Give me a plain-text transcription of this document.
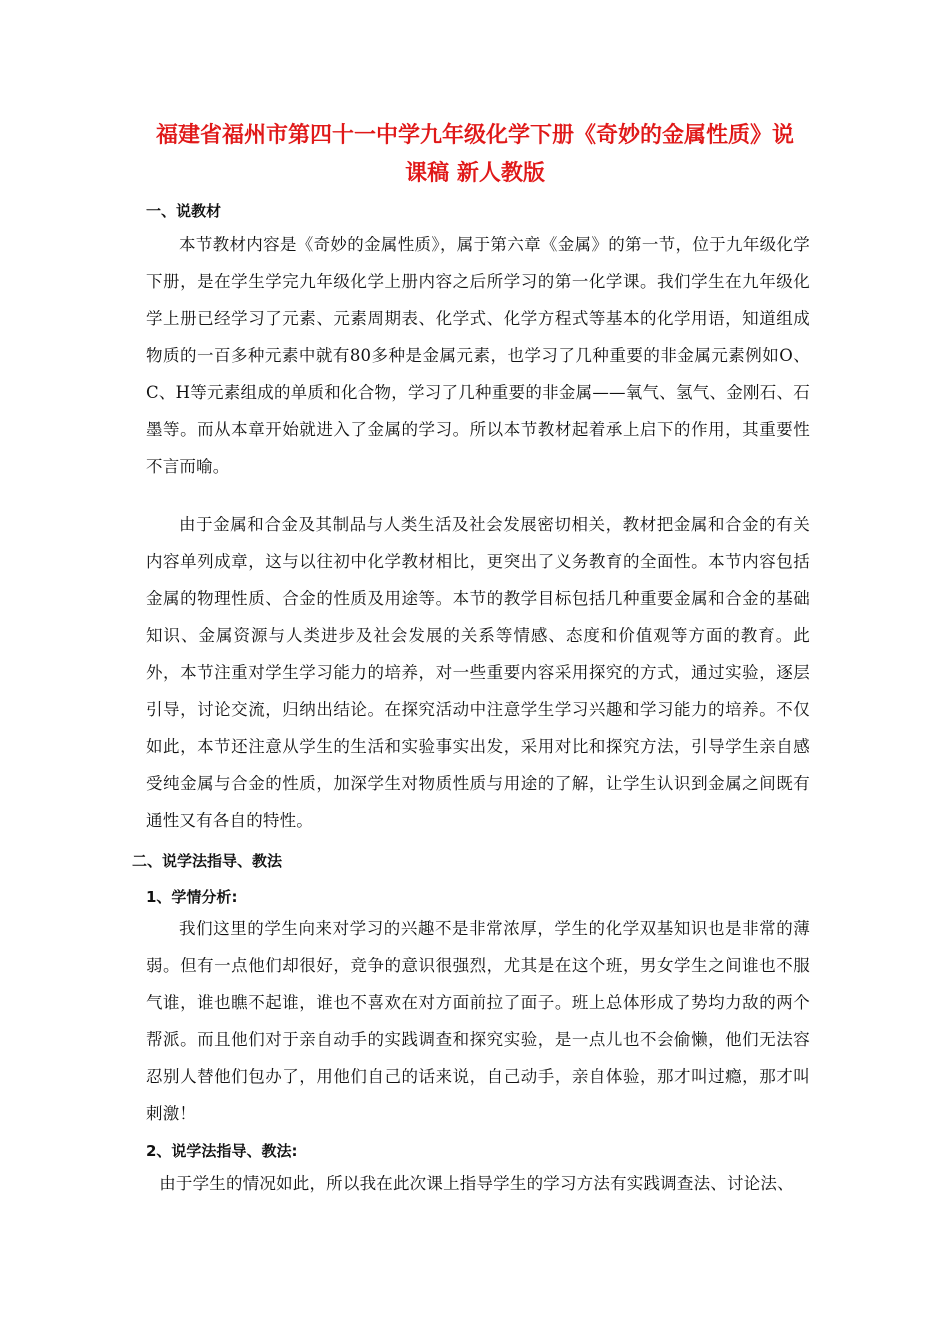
福建省福州市第四十一中学九年级化学下册《奇妙的金属性质》说
课稿 新人教版
一、说教材

本节教材内容是《奇妙的金属性质》，属于第六章《金属》的第一节，位于九年级化学下册，是在学生学完九年级化学上册内容之后所学习的第一化学课。我们学生在九年级化学上册已经学习了元素、元素周期表、化学式、化学方程式等基本的化学用语，知道组成物质的一百多种元素中就有80多种是金属元素，也学习了几种重要的非金属元素例如O、C、H等元素组成的单质和化合物，学习了几种重要的非金属——氧气、氢气、金刚石、石墨等。而从本章开始就进入了金属的学习。所以本节教材起着承上启下的作用，其重要性不言而喻。

由于金属和合金及其制品与人类生活及社会发展密切相关，教材把金属和合金的有关内容单列成章，这与以往初中化学教材相比，更突出了义务教育的全面性。本节内容包括金属的物理性质、合金的性质及用途等。本节的教学目标包括几种重要金属和合金的基础知识、金属资源与人类进步及社会发展的关系等情感、态度和价值观等方面的教育。此外，本节注重对学生学习能力的培养，对一些重要内容采用探究的方式，通过实验，逐层引导，讨论交流，归纳出结论。在探究活动中注意学生学习兴趣和学习能力的培养。不仅如此，本节还注意从学生的生活和实验事实出发，采用对比和探究方法，引导学生亲自感受纯金属与合金的性质，加深学生对物质性质与用途的了解，让学生认识到金属之间既有通性又有各自的特性。

二、说学法指导、教法
1、学情分析:

我们这里的学生向来对学习的兴趣不是非常浓厚，学生的化学双基知识也是非常的薄弱。但有一点他们却很好，竞争的意识很强烈，尤其是在这个班，男女学生之间谁也不服气谁，谁也瞧不起谁，谁也不喜欢在对方面前拉了面子。班上总体形成了势均力敌的两个帮派。而且他们对于亲自动手的实践调查和探究实验，是一点儿也不会偷懒，他们无法容忍别人替他们包办了，用他们自己的话来说，自己动手，亲自体验，那才叫过瘾，那才叫刺激！

2、说学法指导、教法:

由于学生的情况如此，所以我在此次课上指导学生的学习方法有实践调查法、讨论法、
